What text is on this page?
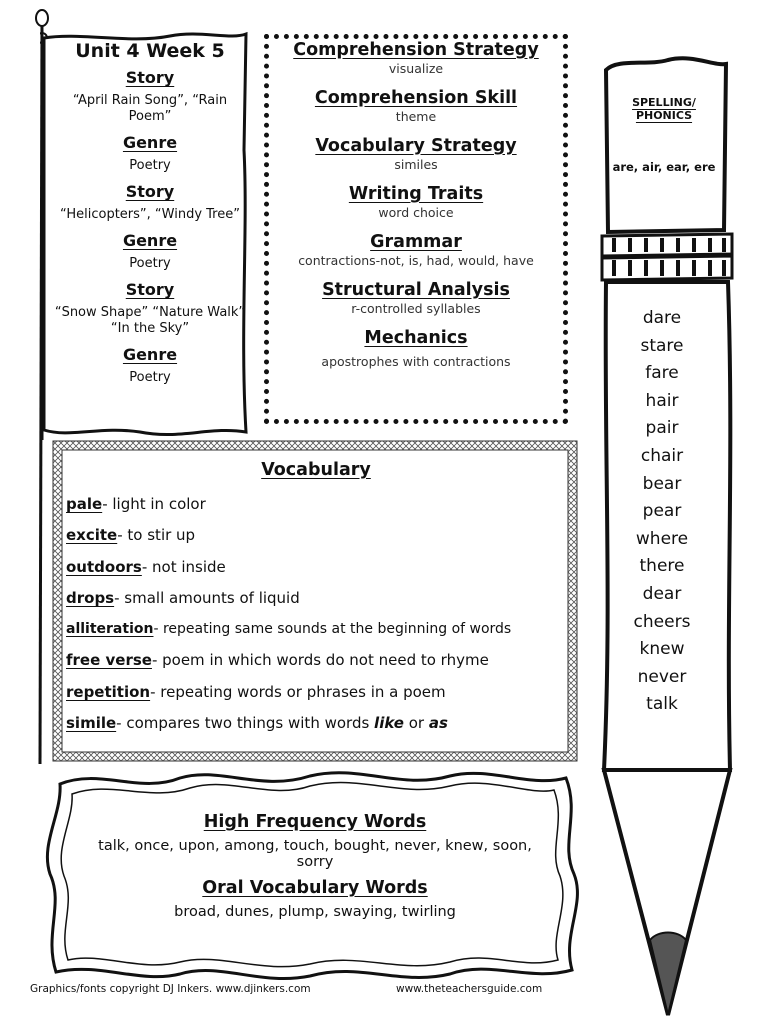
Unit 4 Week 5
Story
“April Rain Song”, “Rain Poem”
Genre
Poetry
Story
“Helicopters”, “Windy Tree”
Genre
Poetry
Story
“Snow Shape” “Nature Walk” “In the Sky”
Genre
Poetry
Comprehension Strategy
visualize
Comprehension Skill
theme
Vocabulary Strategy
similes
Writing Traits
word choice
Grammar
contractions-not, is, had, would, have
Structural Analysis
r-controlled syllables
Mechanics
apostrophes with contractions
Vocabulary
pale- light in color
excite- to stir up
outdoors- not inside
drops- small amounts of liquid
alliteration- repeating same sounds at the beginning of words
free verse- poem in which words do not need to rhyme
repetition- repeating words or phrases in a poem
simile- compares two things with words like or as
High Frequency Words
talk, once, upon, among, touch, bought, never, knew, soon, sorry
Oral Vocabulary Words
broad, dunes, plump, swaying, twirling
SPELLING/ PHONICS
are, air, ear, ere
dare
stare
fare
hair
pair
chair
bear
pear
where
there
dear
cheers
knew
never
talk
Graphics/fonts copyright DJ Inkers. www.djinkers.com	www.theteachersguide.com
